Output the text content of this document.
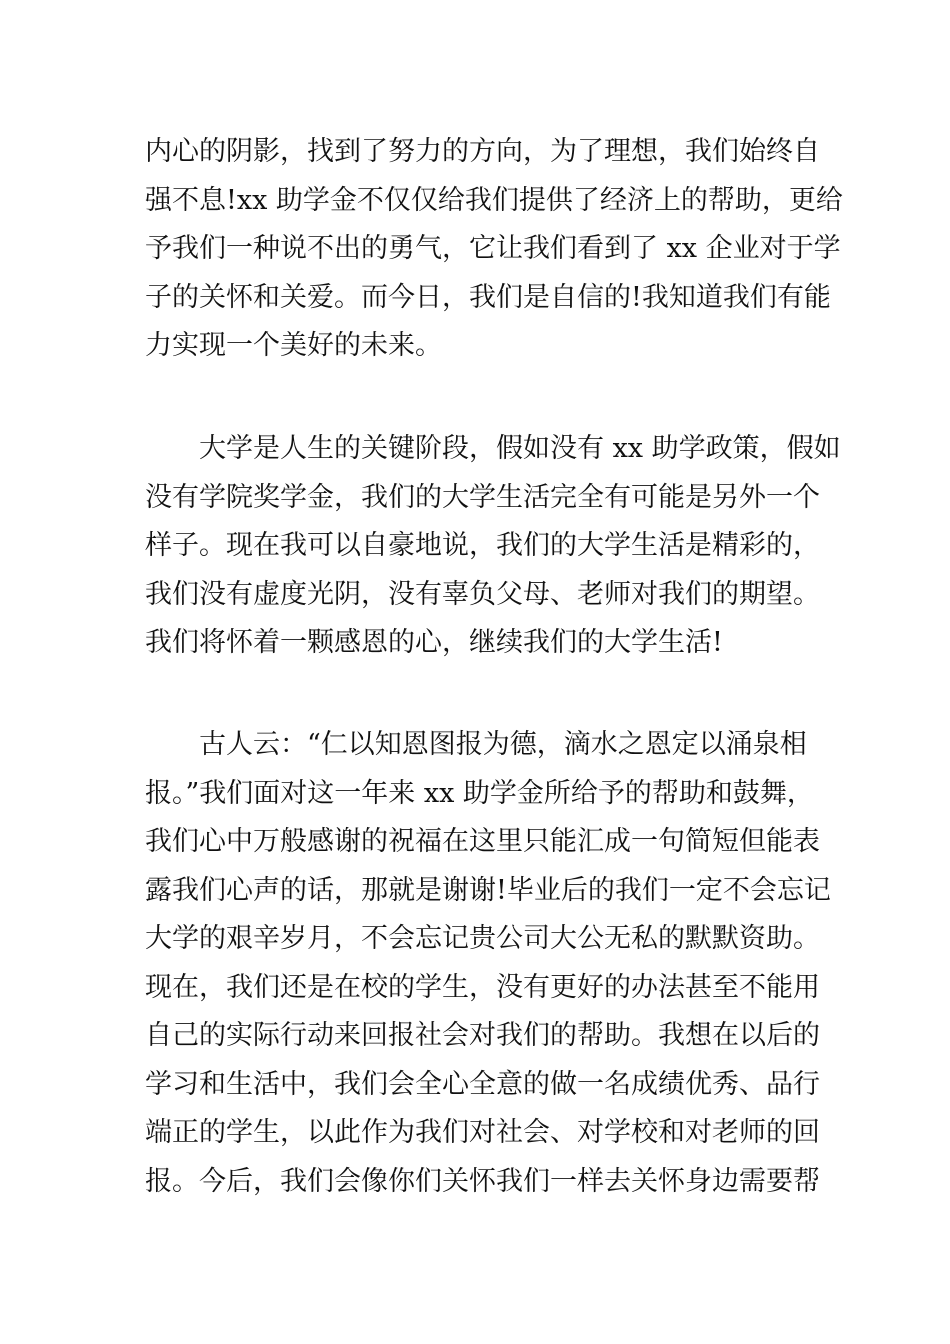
内心的阴影，找到了努力的方向，为了理想，我们始终自
强不息!xx 助学金不仅仅给我们提供了经济上的帮助，更给
予我们一种说不出的勇气，它让我们看到了 xx 企业对于学
子的关怀和关爱。而今日，我们是自信的!我知道我们有能
力实现一个美好的未来。

大学是人生的关键阶段，假如没有 xx 助学政策，假如
没有学院奖学金，我们的大学生活完全有可能是另外一个
样子。现在我可以自豪地说，我们的大学生活是精彩的，
我们没有虚度光阴，没有辜负父母、老师对我们的期望。
我们将怀着一颗感恩的心，继续我们的大学生活!

古人云：“仁以知恩图报为德，滴水之恩定以涌泉相
报。”我们面对这一年来 xx 助学金所给予的帮助和鼓舞，
我们心中万般感谢的祝福在这里只能汇成一句简短但能表
露我们心声的话，那就是谢谢!毕业后的我们一定不会忘记
大学的艰辛岁月，不会忘记贵公司大公无私的默默资助。
现在，我们还是在校的学生，没有更好的办法甚至不能用
自己的实际行动来回报社会对我们的帮助。我想在以后的
学习和生活中，我们会全心全意的做一名成绩优秀、品行
端正的学生，以此作为我们对社会、对学校和对老师的回
报。今后，我们会像你们关怀我们一样去关怀身边需要帮
